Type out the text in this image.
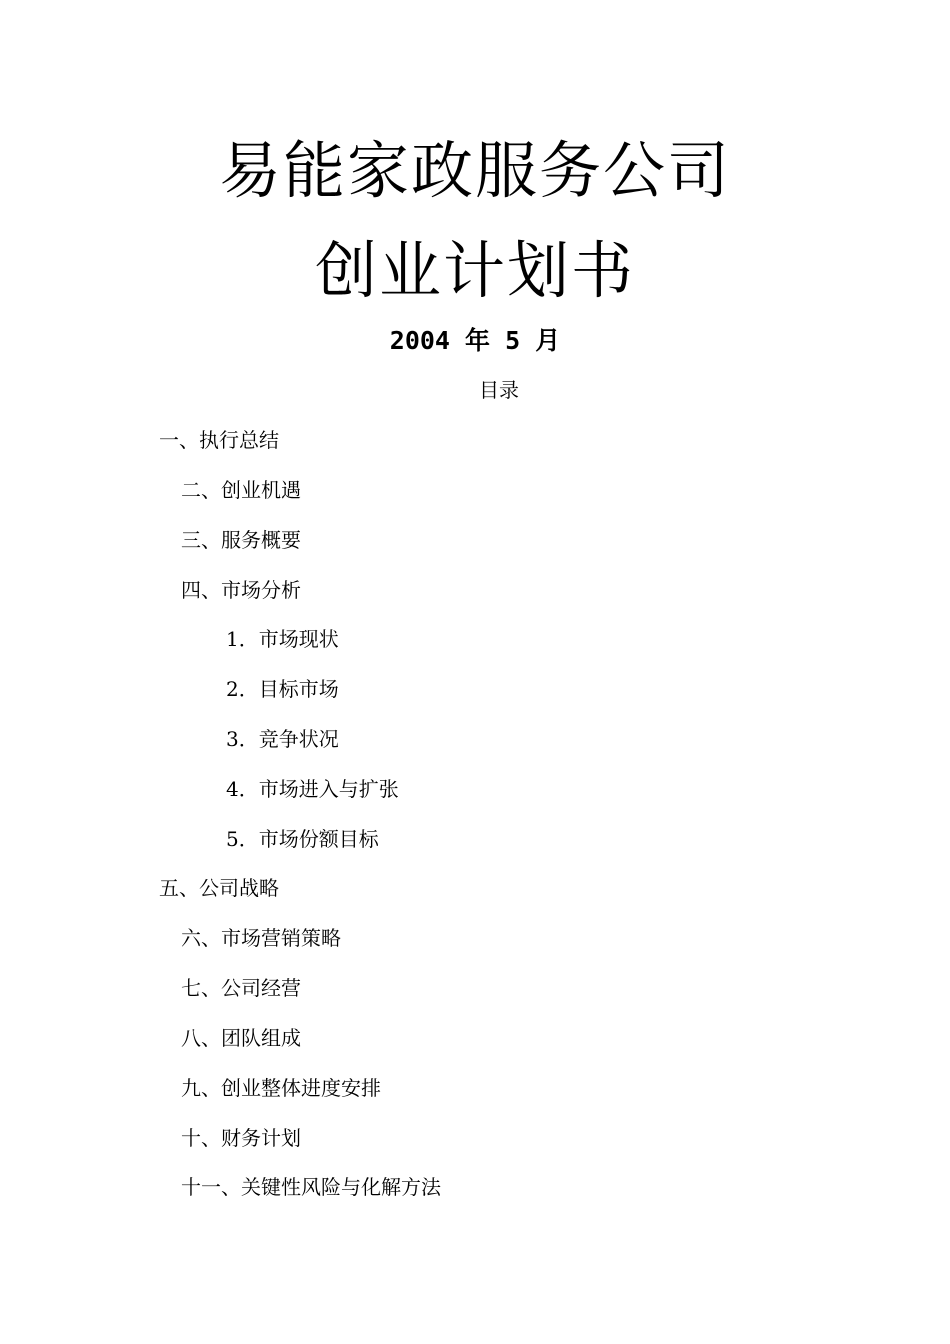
易能家政服务公司
创业计划书
2004 年 5 月
目录
一、执行总结
二、创业机遇
三、服务概要
四、市场分析
1．市场现状
2．目标市场
3．竞争状况
4．市场进入与扩张
5．市场份额目标
五、公司战略
六、市场营销策略
七、公司经营
八、团队组成
九、创业整体进度安排
十、财务计划
十一、关键性风险与化解方法
